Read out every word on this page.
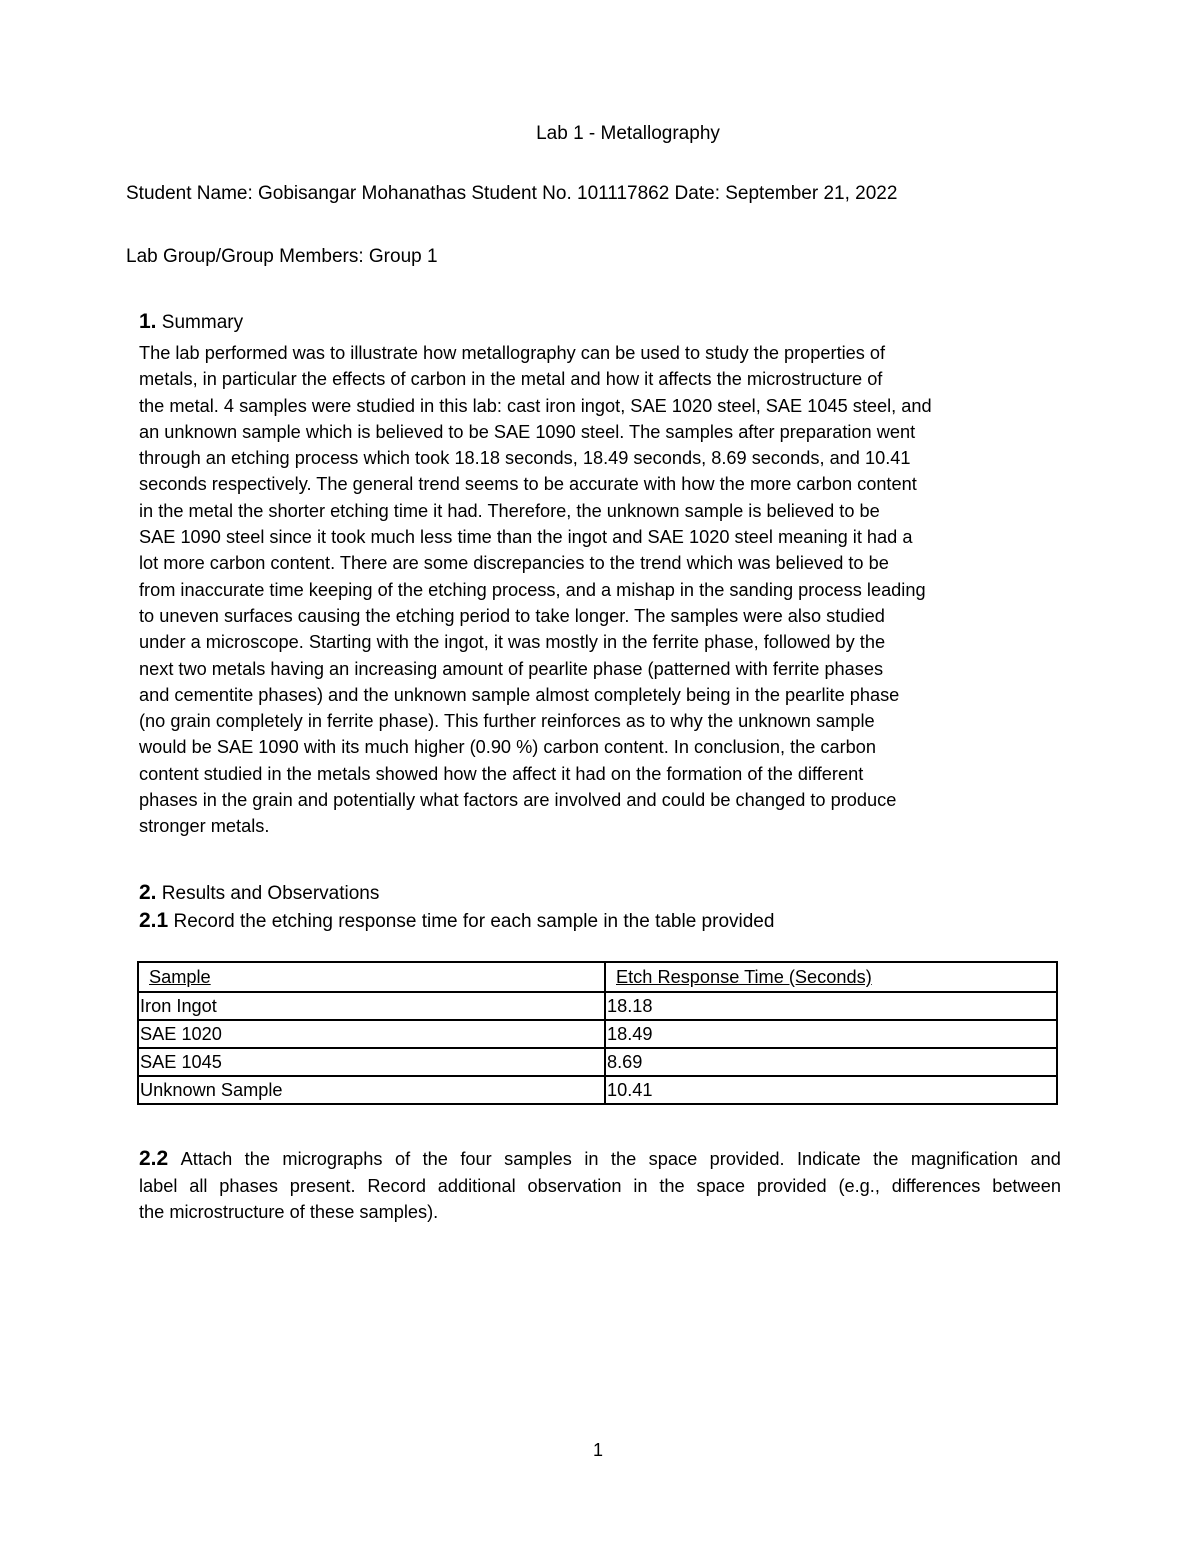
Lab 1 - Metallography
Student Name: Gobisangar Mohanathas Student No. 101117862 Date: September 21, 2022
Lab Group/Group Members: Group 1
1. Summary

The lab performed was to illustrate how metallography can be used to study the properties of

metals, in particular the effects of carbon in the metal and how it affects the microstructure of

the metal. 4 samples were studied in this lab: cast iron ingot, SAE 1020 steel, SAE 1045 steel, and

an unknown sample which is believed to be SAE 1090 steel. The samples after preparation went

through an etching process which took 18.18 seconds, 18.49 seconds, 8.69 seconds, and 10.41

seconds respectively. The general trend seems to be accurate with how the more carbon content

in the metal the shorter etching time it had. Therefore, the unknown sample is believed to be

SAE 1090 steel since it took much less time than the ingot and SAE 1020 steel meaning it had a

lot more carbon content. There are some discrepancies to the trend which was believed to be

from inaccurate time keeping of the etching process, and a mishap in the sanding process leading

to uneven surfaces causing the etching period to take longer. The samples were also studied

under a microscope. Starting with the ingot, it was mostly in the ferrite phase, followed by the

next two metals having an increasing amount of pearlite phase (patterned with ferrite phases

and cementite phases) and the unknown sample almost completely being in the pearlite phase

(no grain completely in ferrite phase). This further reinforces as to why the unknown sample

would be SAE 1090 with its much higher (0.90 %) carbon content. In conclusion, the carbon

content studied in the metals showed how the affect it had on the formation of the different

phases in the grain and potentially what factors are involved and could be changed to produce

stronger metals.

2. Results and Observations
2.1 Record the etching response time for each sample in the table provided
Sample	Etch Response Time (Seconds)
Iron Ingot	18.18
SAE 1020	18.49
SAE 1045	8.69
Unknown Sample	10.41

2.2 Attach the micrographs of the four samples in the space provided. Indicate the magnification and

label all phases present. Record additional observation in the space provided (e.g., differences between

the microstructure of these samples).

1
